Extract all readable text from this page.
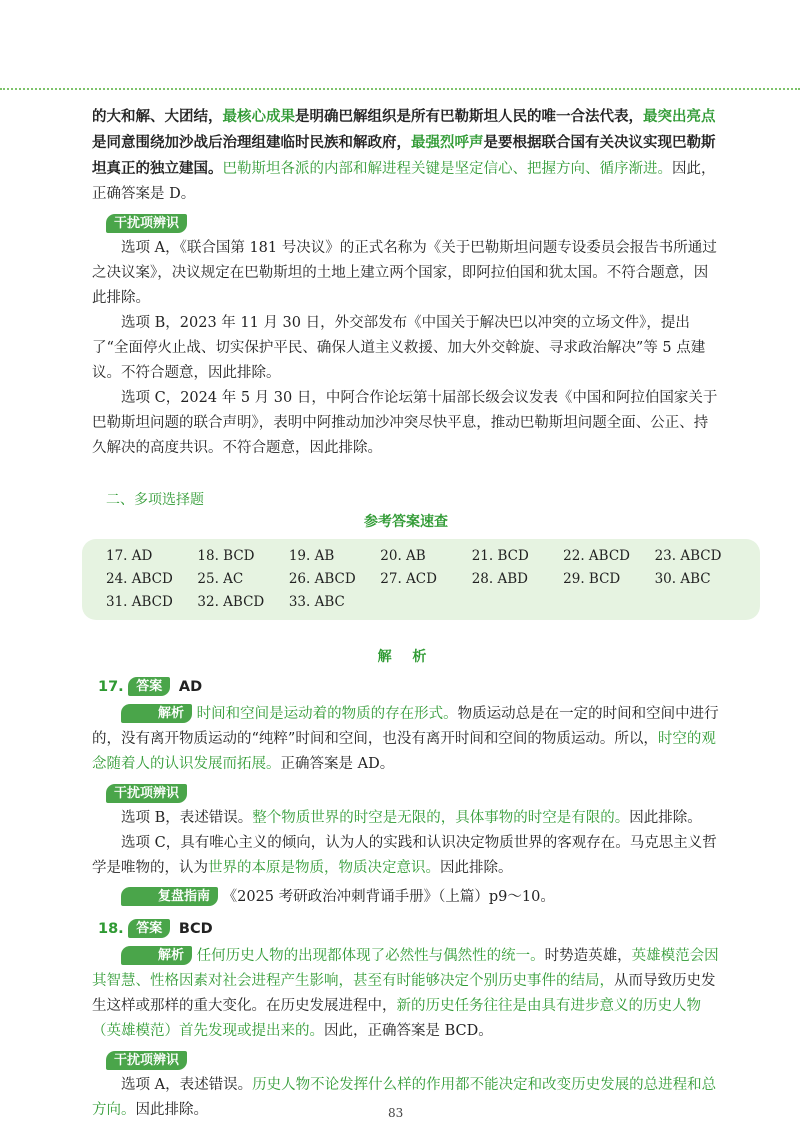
的大和解、大团结，最核心成果是明确巴解组织是所有巴勒斯坦人民的唯一合法代表，最突出亮点是同意围绕加沙战后治理组建临时民族和解政府，最强烈呼声是要根据联合国有关决议实现巴勒斯坦真正的独立建国。巴勒斯坦各派的内部和解进程关键是坚定信心、把握方向、循序渐进。因此，正确答案是 D。

干扰项辨识

选项 A，《联合国第 181 号决议》的正式名称为《关于巴勒斯坦问题专设委员会报告书所通过之决议案》，决议规定在巴勒斯坦的土地上建立两个国家，即阿拉伯国和犹太国。不符合题意，因此排除。

选项 B，2023 年 11 月 30 日，外交部发布《中国关于解决巴以冲突的立场文件》，提出了“全面停火止战、切实保护平民、确保人道主义救援、加大外交斡旋、寻求政治解决”等 5 点建议。不符合题意，因此排除。

选项 C，2024 年 5 月 30 日，中阿合作论坛第十届部长级会议发表《中国和阿拉伯国家关于巴勒斯坦问题的联合声明》，表明中阿推动加沙冲突尽快平息，推动巴勒斯坦问题全面、公正、持久解决的高度共识。不符合题意，因此排除。

二、多项选择题
参考答案速查
17. AD	18. BCD	19. AB	20. AB	21. BCD	22. ABCD	23. ABCD
24. ABCD	25. AC	26. ABCD	27. ACD	28. ABD	29. BCD	30. ABC
31. ABCD	32. ABCD	33. ABC
解 析
17. 答案 AD

解析 时间和空间是运动着的物质的存在形式。物质运动总是在一定的时间和空间中进行的，没有离开物质运动的“纯粹”时间和空间，也没有离开时间和空间的物质运动。所以，时空的观念随着人的认识发展而拓展。正确答案是 AD。

干扰项辨识

选项 B，表述错误。整个物质世界的时空是无限的，具体事物的时空是有限的。因此排除。

选项 C，具有唯心主义的倾向，认为人的实践和认识决定物质世界的客观存在。马克思主义哲学是唯物的，认为世界的本原是物质，物质决定意识。因此排除。

复盘指南 《2025 考研政治冲刺背诵手册》（上篇）p9～10。

18. 答案 BCD

解析 任何历史人物的出现都体现了必然性与偶然性的统一。时势造英雄，英雄模范会因其智慧、性格因素对社会进程产生影响，甚至有时能够决定个别历史事件的结局，从而导致历史发生这样或那样的重大变化。在历史发展进程中，新的历史任务往往是由具有进步意义的历史人物（英雄模范）首先发现或提出来的。因此，正确答案是 BCD。

干扰项辨识

选项 A，表述错误。历史人物不论发挥什么样的作用都不能决定和改变历史发展的总进程和总方向。因此排除。	83
